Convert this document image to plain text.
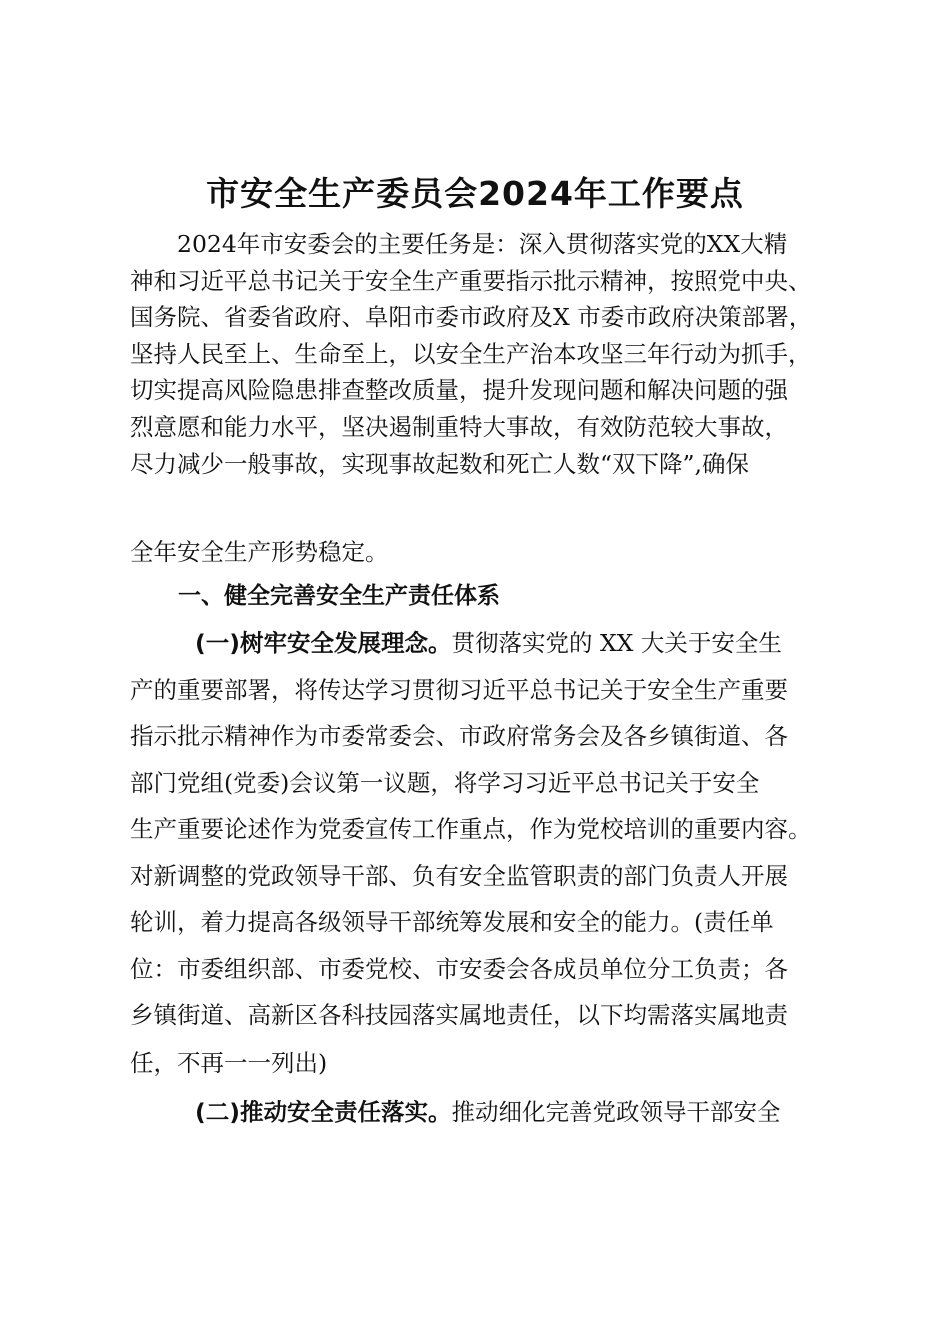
市安全生产委员会2024年工作要点
2024年市安委会的主要任务是：深入贯彻落实党的XX大精
神和习近平总书记关于安全生产重要指示批示精神，按照党中央、
国务院、省委省政府、阜阳市委市政府及X 市委市政府决策部署，
坚持人民至上、生命至上，以安全生产治本攻坚三年行动为抓手，
切实提高风险隐患排查整改质量，提升发现问题和解决问题的强
烈意愿和能力水平，坚决遏制重特大事故，有效防范较大事故，
尽力减少一般事故，实现事故起数和死亡人数“双下降”,确保
全年安全生产形势稳定。
一、健全完善安全生产责任体系
(一)树牢安全发展理念。贯彻落实党的 XX 大关于安全生
产的重要部署，将传达学习贯彻习近平总书记关于安全生产重要
指示批示精神作为市委常委会、市政府常务会及各乡镇街道、各
部门党组(党委)会议第一议题，将学习习近平总书记关于安全
生产重要论述作为党委宣传工作重点，作为党校培训的重要内容。
对新调整的党政领导干部、负有安全监管职责的部门负责人开展
轮训，着力提高各级领导干部统筹发展和安全的能力。(责任单
位：市委组织部、市委党校、市安委会各成员单位分工负责；各
乡镇街道、高新区各科技园落实属地责任，以下均需落实属地责
任，不再一一列出)
(二)推动安全责任落实。推动细化完善党政领导干部安全
